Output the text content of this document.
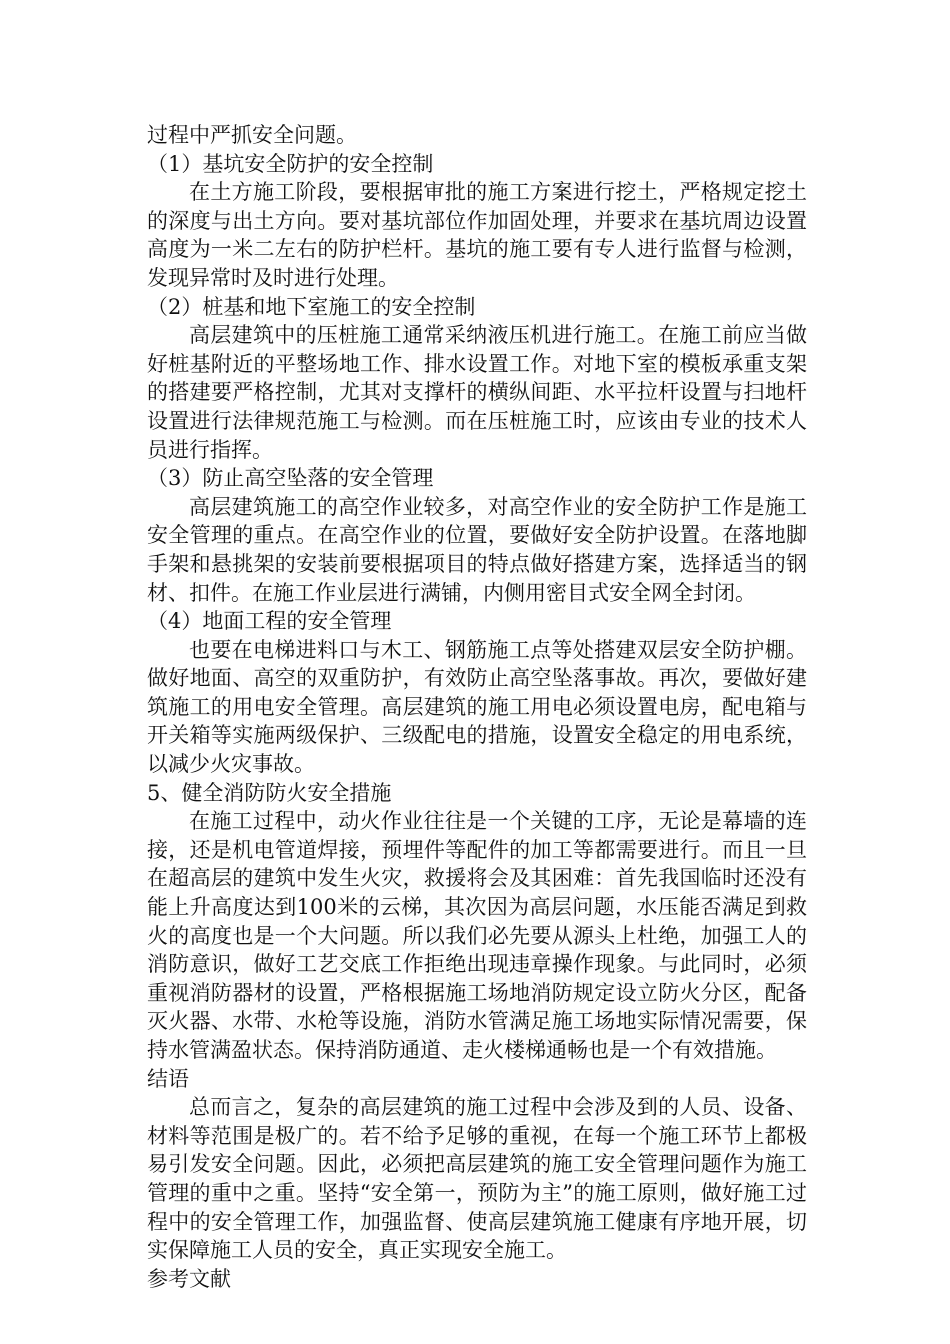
过程中严抓安全问题。

（1）基坑安全防护的安全控制

在土方施工阶段，要根据审批的施工方案进行挖土，严格规定挖土的深度与出土方向。要对基坑部位作加固处理，并要求在基坑周边设置高度为一米二左右的防护栏杆。基坑的施工要有专人进行监督与检测，发现异常时及时进行处理。

（2）桩基和地下室施工的安全控制

高层建筑中的压桩施工通常采纳液压机进行施工。在施工前应当做好桩基附近的平整场地工作、排水设置工作。对地下室的模板承重支架的搭建要严格控制，尤其对支撑杆的横纵间距、水平拉杆设置与扫地杆设置进行法律规范施工与检测。而在压桩施工时，应该由专业的技术人员进行指挥。

（3）防止高空坠落的安全管理

高层建筑施工的高空作业较多，对高空作业的安全防护工作是施工安全管理的重点。在高空作业的位置，要做好安全防护设置。在落地脚手架和悬挑架的安装前要根据项目的特点做好搭建方案，选择适当的钢材、扣件。在施工作业层进行满铺，内侧用密目式安全网全封闭。

（4）地面工程的安全管理

也要在电梯进料口与木工、钢筋施工点等处搭建双层安全防护棚。做好地面、高空的双重防护，有效防止高空坠落事故。再次，要做好建筑施工的用电安全管理。高层建筑的施工用电必须设置电房，配电箱与开关箱等实施两级保护、三级配电的措施，设置安全稳定的用电系统，以减少火灾事故。

5、健全消防防火安全措施

在施工过程中，动火作业往往是一个关键的工序，无论是幕墙的连接，还是机电管道焊接，预埋件等配件的加工等都需要进行。而且一旦在超高层的建筑中发生火灾，救援将会及其困难：首先我国临时还没有能上升高度达到100米的云梯，其次因为高层问题，水压能否满足到救火的高度也是一个大问题。所以我们必先要从源头上杜绝，加强工人的消防意识，做好工艺交底工作拒绝出现违章操作现象。与此同时，必须重视消防器材的设置，严格根据施工场地消防规定设立防火分区，配备灭火器、水带、水枪等设施，消防水管满足施工场地实际情况需要，保持水管满盈状态。保持消防通道、走火楼梯通畅也是一个有效措施。

结语

总而言之，复杂的高层建筑的施工过程中会涉及到的人员、设备、材料等范围是极广的。若不给予足够的重视，在每一个施工环节上都极易引发安全问题。因此，必须把高层建筑的施工安全管理问题作为施工管理的重中之重。坚持“安全第一，预防为主”的施工原则，做好施工过程中的安全管理工作，加强监督、使高层建筑施工健康有序地开展，切实保障施工人员的安全，真正实现安全施工。

参考文献
